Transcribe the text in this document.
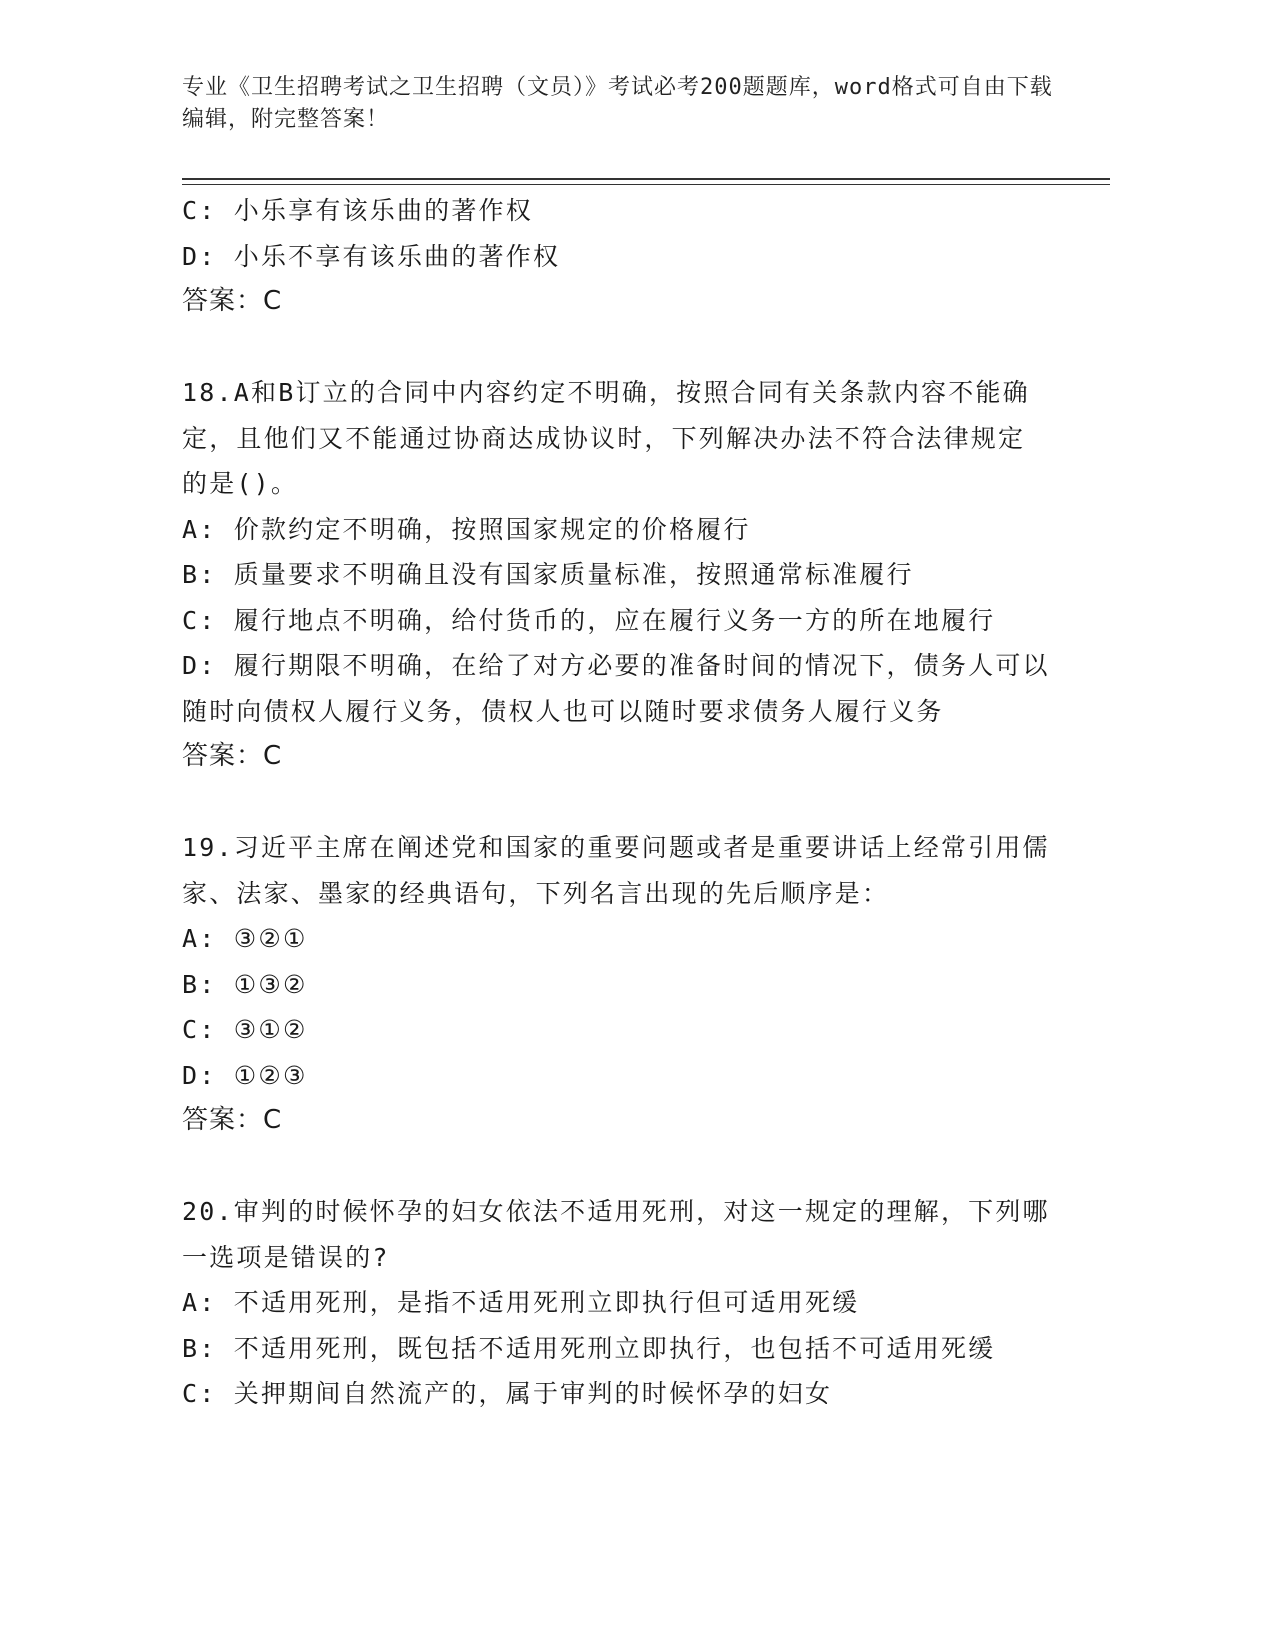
专业《卫生招聘考试之卫生招聘（文员）》考试必考200题题库，word格式可自由下载编辑，附完整答案！

C: 小乐享有该乐曲的著作权

D: 小乐不享有该乐曲的著作权

答案：C

18.A和B订立的合同中内容约定不明确，按照合同有关条款内容不能确定，且他们又不能通过协商达成协议时，下列解决办法不符合法律规定的是()。

A: 价款约定不明确，按照国家规定的价格履行

B: 质量要求不明确且没有国家质量标准，按照通常标准履行

C: 履行地点不明确，给付货币的，应在履行义务一方的所在地履行

D: 履行期限不明确，在给了对方必要的准备时间的情况下，债务人可以随时向债权人履行义务，债权人也可以随时要求债务人履行义务

答案：C

19.习近平主席在阐述党和国家的重要问题或者是重要讲话上经常引用儒家、法家、墨家的经典语句，下列名言出现的先后顺序是：

A: ③②①

B: ①③②

C: ③①②

D: ①②③

答案：C

20.审判的时候怀孕的妇女依法不适用死刑，对这一规定的理解，下列哪一选项是错误的?

A: 不适用死刑，是指不适用死刑立即执行但可适用死缓

B: 不适用死刑，既包括不适用死刑立即执行，也包括不可适用死缓

C: 关押期间自然流产的，属于审判的时候怀孕的妇女
